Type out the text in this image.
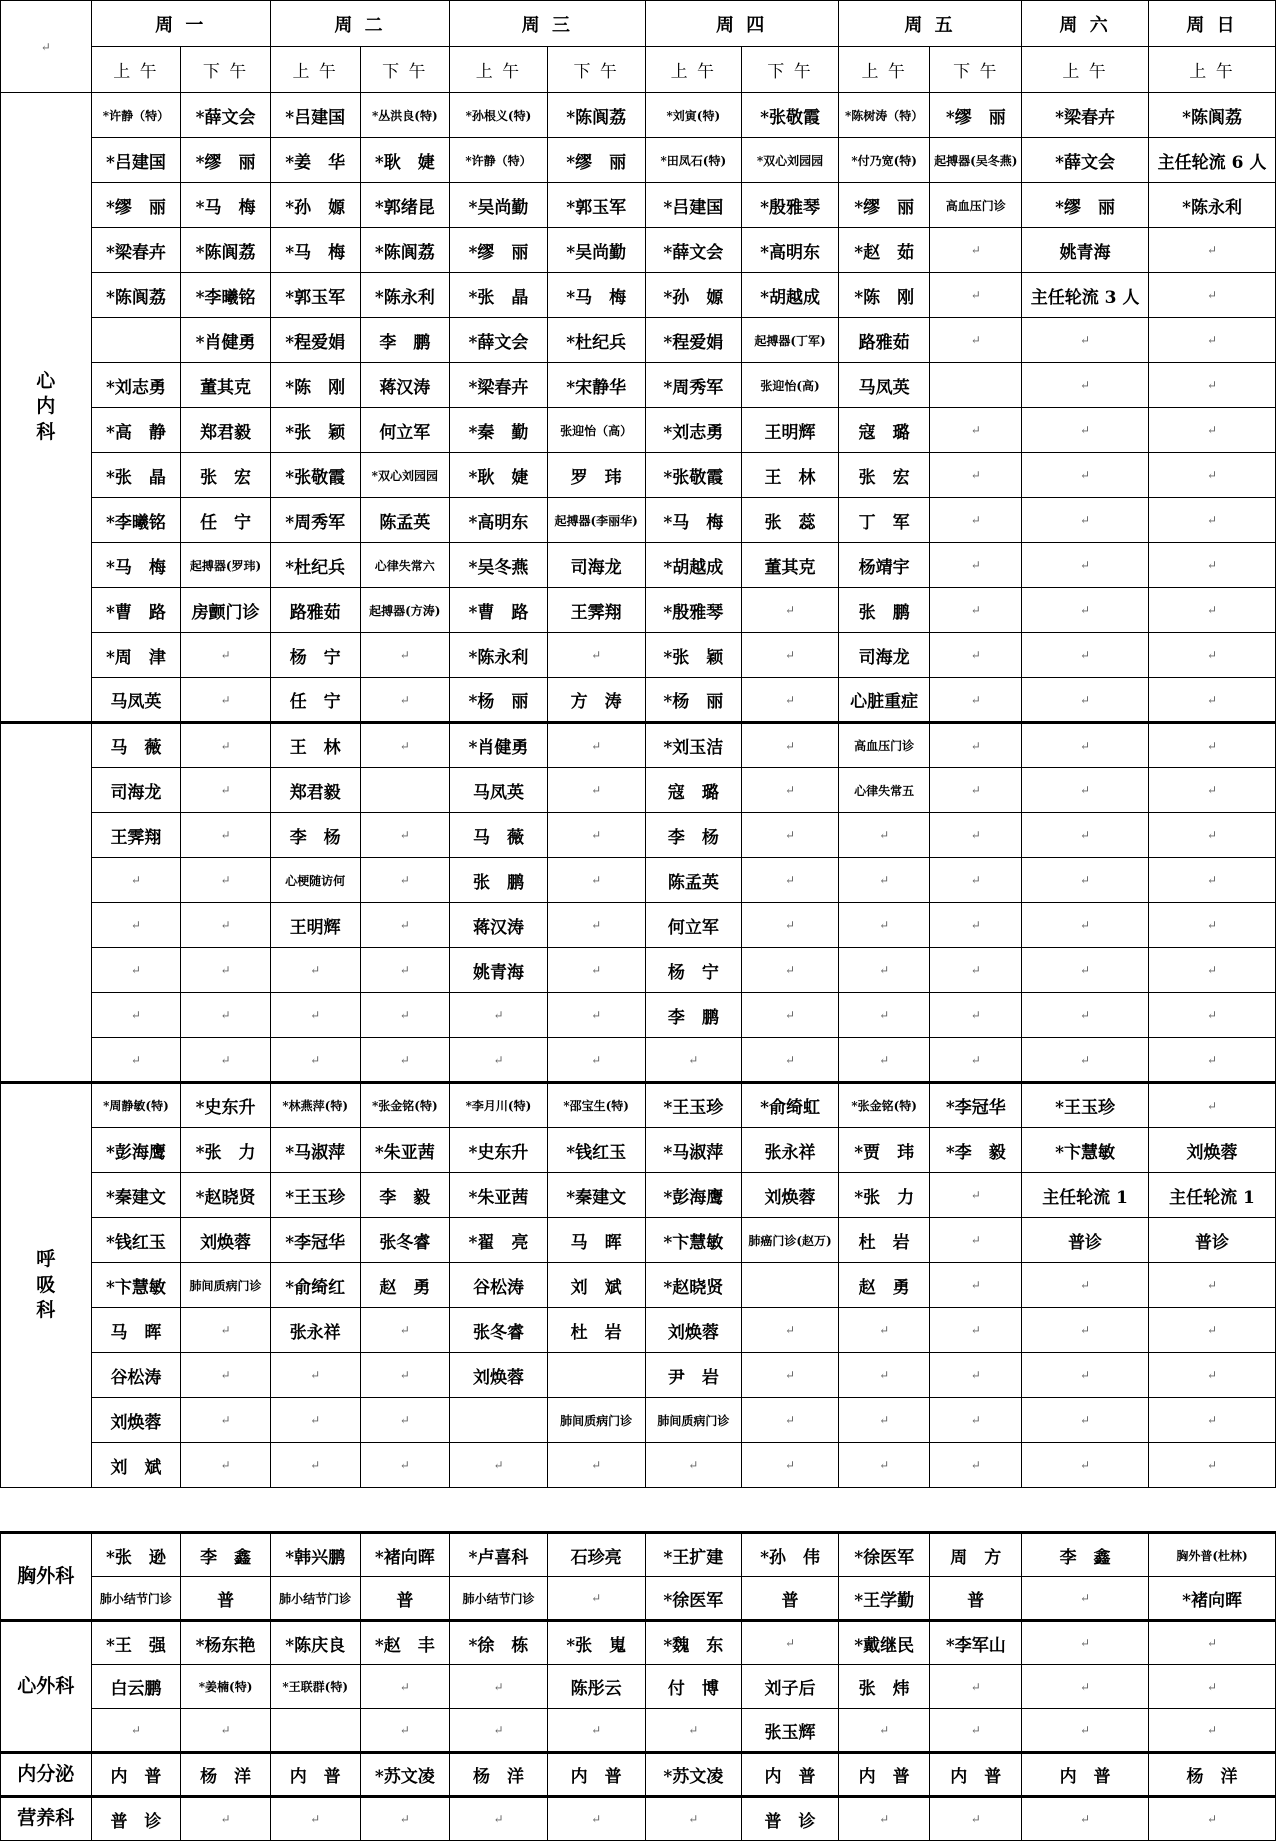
↵	周 一		周 二		周 三		周 四		周 五		周 六	周 日
	上 午	下 午	上 午	下 午	上 午	下 午	上 午	下 午	上 午	下 午	上 午	上 午
心
内
科	*许静（特）	*薛文会	*吕建国	*丛洪良(特)	*孙根义(特)	*陈阆荔	*刘寅(特)	*张敬霞	*陈树涛（特）	*缪　丽	*梁春卉	*陈阆荔
	*吕建国	*缪　丽	*姜　华	*耿　婕	*许静（特）	*缪　丽	*田凤石(特)	*双心刘园园	*付乃宽(特)	起搏器(吴冬燕)	*薛文会	主任轮流 6 人
	*缪　丽	*马　梅	*孙　嫄	*郭绪昆	*吴尚勤	*郭玉军	*吕建国	*殷雅琴	*缪　丽	高血压门诊	*缪　丽	*陈永利
	*梁春卉	*陈阆荔	*马　梅	*陈阆荔	*缪　丽	*吴尚勤	*薛文会	*高明东	*赵　茹	↵	姚青海	↵
	*陈阆荔	*李曦铭	*郭玉军	*陈永利	*张　晶	*马　梅	*孙　嫄	*胡越成	*陈　刚	↵	主任轮流 3 人	↵
		*肖健勇	*程爱娟	李　鹏	*薛文会	*杜纪兵	*程爱娟	起搏器(丁军)	路雅茹	↵	↵	↵
	*刘志勇	董其克	*陈　刚	蒋汉涛	*梁春卉	*宋静华	*周秀军	张迎怡(高)	马凤英		↵	↵
	*高　静	郑君毅	*张　颖	何立军	*秦　勤	张迎怡（高）	*刘志勇	王明辉	寇　璐	↵	↵	↵
	*张　晶	张　宏	*张敬霞	*双心刘园园	*耿　婕	罗　玮	*张敬霞	王　林	张　宏	↵	↵	↵
	*李曦铭	任　宁	*周秀军	陈孟英	*高明东	起搏器(李丽华)	*马　梅	张　蕊	丁　军	↵	↵	↵
	*马　梅	起搏器(罗玮)	*杜纪兵	心律失常六	*吴冬燕	司海龙	*胡越成	董其克	杨靖宇	↵	↵	↵
	*曹　路	房颤门诊	路雅茹	起搏器(方涛)	*曹　路	王霁翔	*殷雅琴	↵	张　鹏	↵	↵	↵
	*周　津	↵	杨　宁	↵	*陈永利	↵	*张　颖	↵	司海龙	↵	↵	↵
	马凤英	↵	任　宁	↵	*杨　丽	方　涛	*杨　丽	↵	心脏重症	↵	↵	↵
	马　薇	↵	王　林	↵	*肖健勇	↵	*刘玉洁	↵	高血压门诊	↵	↵	↵
	司海龙	↵	郑君毅		马凤英	↵	寇　璐	↵	心律失常五	↵	↵	↵
	王霁翔	↵	李　杨	↵	马　薇	↵	李　杨	↵	↵	↵	↵	↵
	↵	↵	心梗随访何	↵	张　鹏	↵	陈孟英	↵	↵	↵	↵	↵
	↵	↵	王明辉	↵	蒋汉涛	↵	何立军	↵	↵	↵	↵	↵
	↵	↵	↵	↵	姚青海	↵	杨　宁	↵	↵	↵	↵	↵
	↵	↵	↵	↵	↵	↵	李　鹏	↵	↵	↵	↵	↵
	↵	↵	↵	↵	↵	↵	↵	↵	↵	↵	↵	↵
呼
吸
科	*周静敏(特)	*史东升	*林燕萍(特)	*张金铭(特)	*李月川(特)	*邵宝生(特)	*王玉珍	*俞绮虹	*张金铭(特)	*李冠华	*王玉珍	↵
	*彭海鹰	*张　力	*马淑萍	*朱亚茜	*史东升	*钱红玉	*马淑萍	张永祥	*贾　玮	*李　毅	*卞慧敏	刘焕蓉
	*秦建文	*赵晓贤	*王玉珍	李　毅	*朱亚茜	*秦建文	*彭海鹰	刘焕蓉	*张　力	↵	主任轮流 1	主任轮流 1
	*钱红玉	刘焕蓉	*李冠华	张冬睿	*翟　亮	马　晖	*卞慧敏	肺癌门诊(赵万)	杜　岩	↵	普诊	普诊
	*卞慧敏	肺间质病门诊	*俞绮红	赵　勇	谷松涛	刘　斌	*赵晓贤		赵　勇	↵	↵	↵
	马　晖	↵	张永祥	↵	张冬睿	杜　岩	刘焕蓉	↵	↵	↵	↵	↵
	谷松涛	↵	↵	↵	刘焕蓉		尹　岩	↵	↵	↵	↵	↵
	刘焕蓉	↵	↵	↵		肺间质病门诊	肺间质病门诊	↵	↵	↵	↵	↵
	刘　斌	↵	↵	↵	↵	↵	↵	↵	↵	↵	↵	↵

胸外科	*张　逊	李　鑫	*韩兴鹏	*褚向晖	*卢喜科	石珍亮	*王扩建	*孙　伟	*徐医军	周　方	李　鑫	胸外普(杜林)
	肺小结节门诊	普	肺小结节门诊	普	肺小结节门诊	↵	*徐医军	普	*王学勤	普	↵	*褚向晖
心外科	*王　强	*杨东艳	*陈庆良	*赵　丰	*徐　栋	*张　嵬	*魏　东	↵	*戴继民	*李军山	↵	↵
	白云鹏	*姜楠(特)	*王联群(特)	↵	↵	陈彤云	付　博	刘子后	张　炜	↵	↵	↵
	↵	↵		↵	↵	↵	↵	张玉辉	↵	↵	↵	↵
内分泌	内　普	杨　洋	内　普	*苏文凌	杨　洋	内　普	*苏文凌	内　普	内　普	内　普	内　普	杨　洋
营养科	普　诊	↵	↵	↵	↵	↵	↵	普　诊	↵	↵	↵	↵
